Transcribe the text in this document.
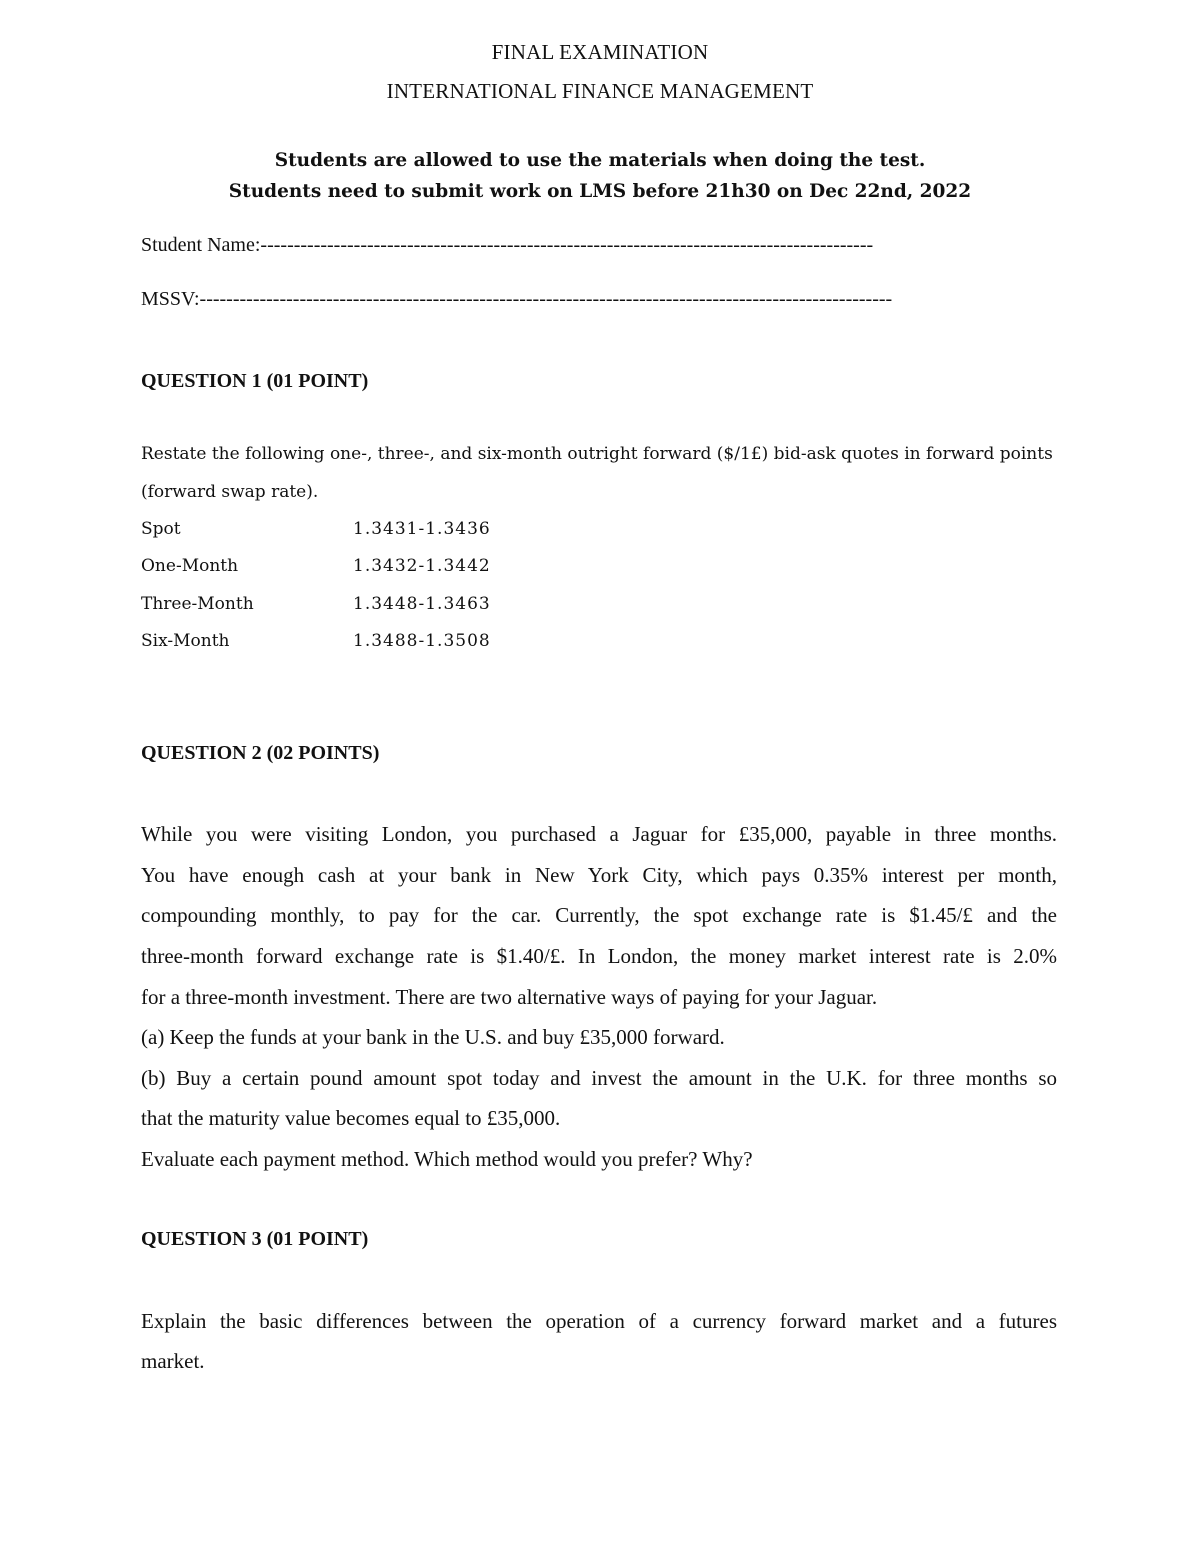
FINAL EXAMINATION
INTERNATIONAL FINANCE MANAGEMENT
Students are allowed to use the materials when doing the test.
Students need to submit work on LMS before 21h30 on Dec 22nd, 2022
Student Name:--------------------------------------------------------------------------------------------
MSSV:--------------------------------------------------------------------------------------------------------
QUESTION 1 (01 POINT)
Restate the following one-, three-, and six-month outright forward ($/1£) bid-ask quotes in forward points
(forward swap rate).
Spot	1.3431-1.3436
One-Month	1.3432-1.3442
Three-Month	1.3448-1.3463
Six-Month	1.3488-1.3508
QUESTION 2 (02 POINTS)
While you were visiting London, you purchased a Jaguar for £35,000, payable in three months.
You have enough cash at your bank in New York City, which pays 0.35% interest per month,
compounding monthly, to pay for the car. Currently, the spot exchange rate is $1.45/£ and the
three-month forward exchange rate is $1.40/£. In London, the money market interest rate is 2.0%
for a three-month investment. There are two alternative ways of paying for your Jaguar.
(a) Keep the funds at your bank in the U.S. and buy £35,000 forward.
(b) Buy a certain pound amount spot today and invest the amount in the U.K. for three months so
that the maturity value becomes equal to £35,000.
Evaluate each payment method. Which method would you prefer? Why?
QUESTION 3 (01 POINT)
Explain the basic differences between the operation of a currency forward market and a futures
market.
